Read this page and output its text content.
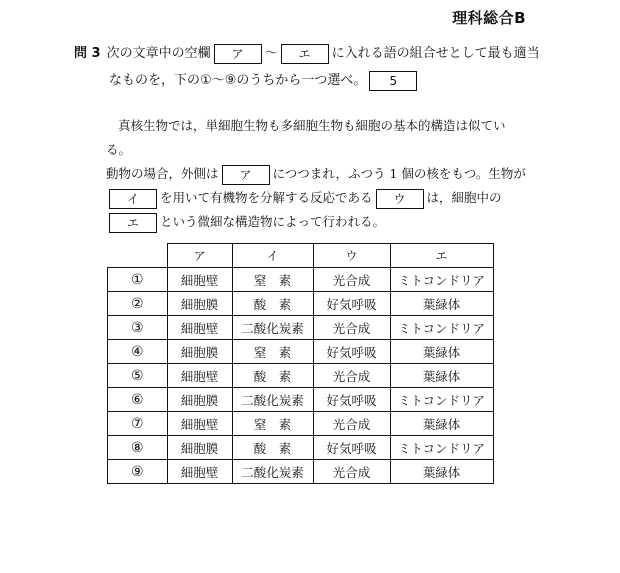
理科総合B
問 3 次の文章中の空欄 ア 〜 エ に入れる語の組合せとして最も適当
なものを，下の①〜⑨のうちから一つ選べ。 5
真核生物では，単細胞生物も多細胞生物も細胞の基本的構造は似ている。
動物の場合，外側は ア につつまれ，ふつう 1 個の核をもつ。生物が
イ を用いて有機物を分解する反応である ウ は，細胞中の
エ という微細な構造物によって行われる。
	ア	イ	ウ	エ
①	細胞壁	窒　素	光合成	ミトコンドリア
②	細胞膜	酸　素	好気呼吸	葉緑体
③	細胞壁	二酸化炭素	光合成	ミトコンドリア
④	細胞膜	窒　素	好気呼吸	葉緑体
⑤	細胞壁	酸　素	光合成	葉緑体
⑥	細胞膜	二酸化炭素	好気呼吸	ミトコンドリア
⑦	細胞壁	窒　素	光合成	葉緑体
⑧	細胞膜	酸　素	好気呼吸	ミトコンドリア
⑨	細胞壁	二酸化炭素	光合成	葉緑体
